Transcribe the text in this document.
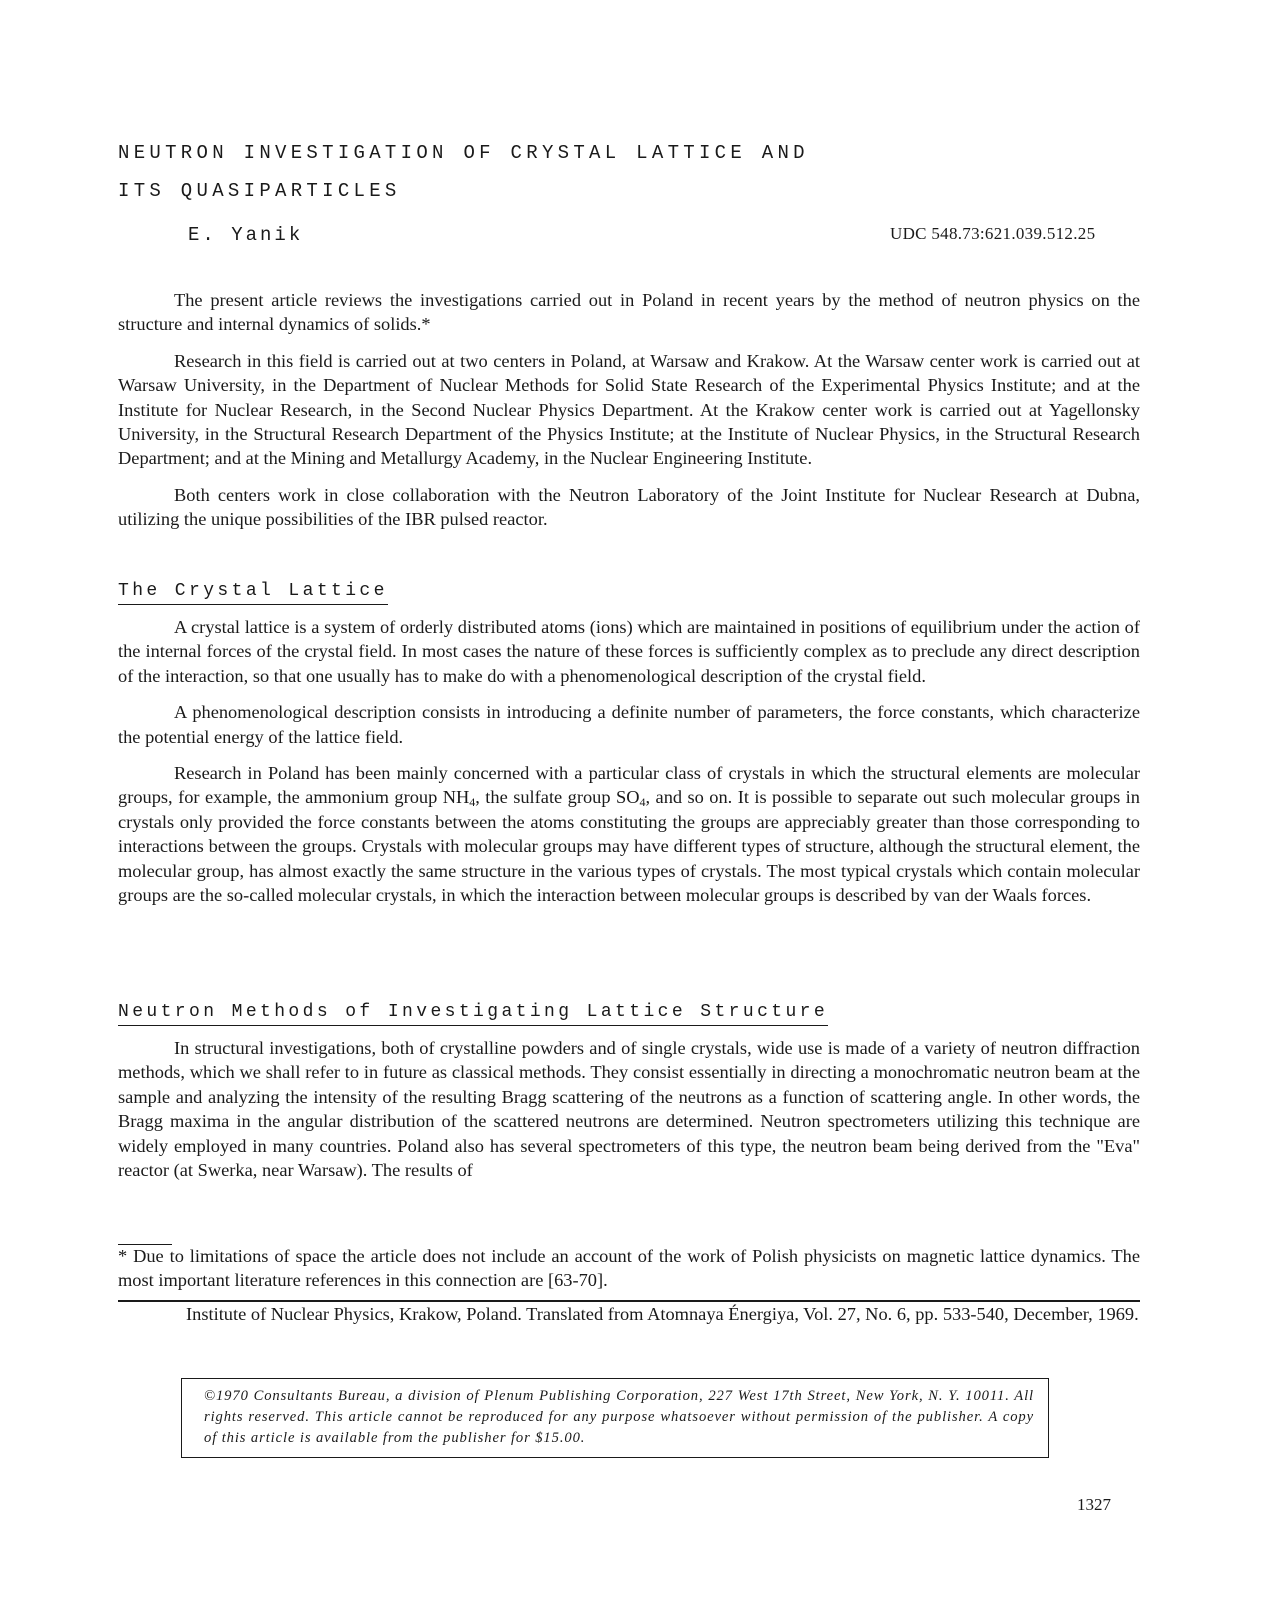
NEUTRON INVESTIGATION OF CRYSTAL LATTICE AND
ITS QUASIPARTICLES
E. Yanik	UDC 548.73:621.039.512.25

The present article reviews the investigations carried out in Poland in recent years by the method of neutron physics on the structure and internal dynamics of solids.*

Research in this field is carried out at two centers in Poland, at Warsaw and Krakow. At the Warsaw center work is carried out at Warsaw University, in the Department of Nuclear Methods for Solid State Research of the Experimental Physics Institute; and at the Institute for Nuclear Research, in the Second Nuclear Physics Department. At the Krakow center work is carried out at Yagellonsky University, in the Structural Research Department of the Physics Institute; at the Institute of Nuclear Physics, in the Structural Research Department; and at the Mining and Metallurgy Academy, in the Nuclear Engineering Institute.

Both centers work in close collaboration with the Neutron Laboratory of the Joint Institute for Nuclear Research at Dubna, utilizing the unique possibilities of the IBR pulsed reactor.

The Crystal Lattice

A crystal lattice is a system of orderly distributed atoms (ions) which are maintained in positions of equilibrium under the action of the internal forces of the crystal field. In most cases the nature of these forces is sufficiently complex as to preclude any direct description of the interaction, so that one usually has to make do with a phenomenological description of the crystal field.

A phenomenological description consists in introducing a definite number of parameters, the force constants, which characterize the potential energy of the lattice field.

Research in Poland has been mainly concerned with a particular class of crystals in which the structural elements are molecular groups, for example, the ammonium group $NH_4$, the sulfate group $SO_4$, and so on. It is possible to separate out such molecular groups in crystals only provided the force constants between the atoms constituting the groups are appreciably greater than those corresponding to interactions between the groups. Crystals with molecular groups may have different types of structure, although the structural element, the molecular group, has almost exactly the same structure in the various types of crystals. The most typical crystals which contain molecular groups are the so-called molecular crystals, in which the interaction between molecular groups is described by van der Waals forces.

Neutron Methods of Investigating Lattice Structure

In structural investigations, both of crystalline powders and of single crystals, wide use is made of a variety of neutron diffraction methods, which we shall refer to in future as classical methods. They consist essentially in directing a monochromatic neutron beam at the sample and analyzing the intensity of the resulting Bragg scattering of the neutrons as a function of scattering angle. In other words, the Bragg maxima in the angular distribution of the scattered neutrons are determined. Neutron spectrometers utilizing this technique are widely employed in many countries. Poland also has several spectrometers of this type, the neutron beam being derived from the "Eva" reactor (at Swerka, near Warsaw). The results of

* Due to limitations of space the article does not include an account of the work of Polish physicists on magnetic lattice dynamics. The most important literature references in this connection are [63-70].
Institute of Nuclear Physics, Krakow, Poland. Translated from Atomnaya Énergiya, Vol. 27, No. 6, pp. 533-540, December, 1969.
©1970 Consultants Bureau, a division of Plenum Publishing Corporation, 227 West 17th Street, New York, N. Y. 10011. All rights reserved. This article cannot be reproduced for any purpose whatsoever without permission of the publisher. A copy of this article is available from the publisher for $15.00.
1327
